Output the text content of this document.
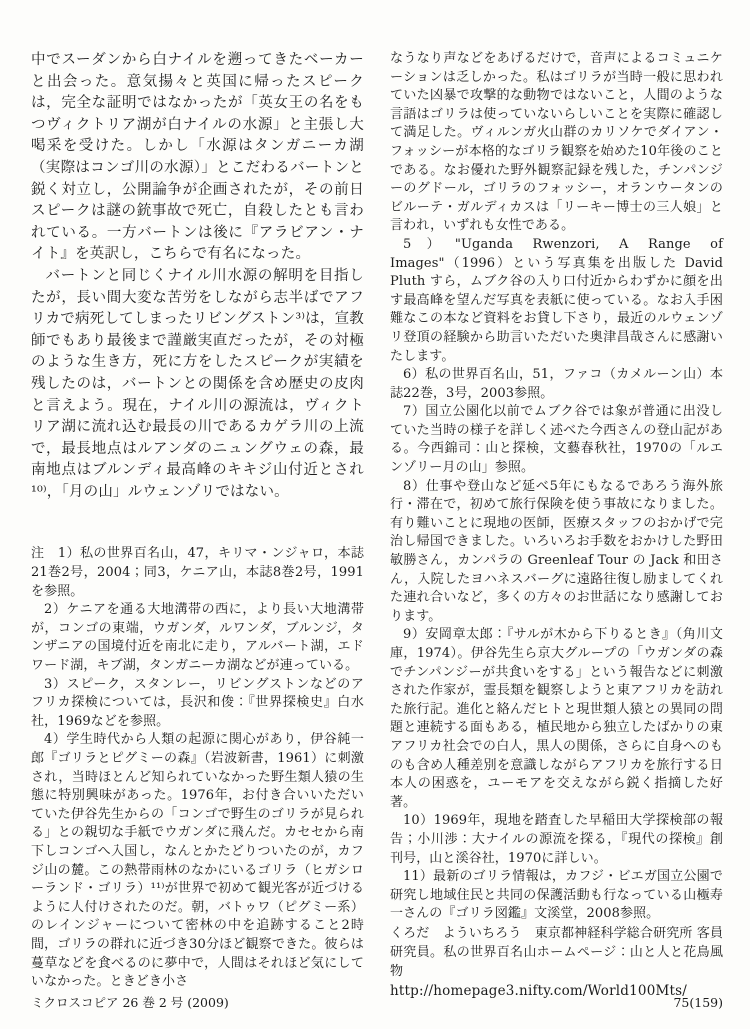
中でスーダンから白ナイルを遡ってきたベーカーと出会った。意気揚々と英国に帰ったスピークは，完全な証明ではなかったが「英女王の名をもつヴィクトリア湖が白ナイルの水源」と主張し大喝采を受けた。しかし「水源はタンガニーカ湖（実際はコンゴ川の水源）」とこだわるバートンと鋭く対立し，公開論争が企画されたが，その前日スピークは謎の銃事故で死亡，自殺したとも言われている。一方バートンは後に『アラビアン・ナイト』を英訳し，こちらで有名になった。

バートンと同じくナイル川水源の解明を目指したが，長い間大変な苦労をしながら志半ばでアフリカで病死してしまったリビングストン³⁾は，宣教師でもあり最後まで謹厳実直だったが，その対極のような生き方，死に方をしたスピークが実績を残したのは，バートンとの関係を含め歴史の皮肉と言えよう。現在，ナイル川の源流は，ヴィクトリア湖に流れ込む最長の川であるカゲラ川の上流で，最長地点はルアンダのニュングウェの森，最南地点はブルンディ最高峰のキキジ山付近とされ¹⁰⁾，「月の山」ルウェンゾリではない。

注　1）私の世界百名山，47，キリマ・ンジャロ，本誌21巻2号，2004；同3，ケニア山，本誌8巻2号，1991を参照。

2）ケニアを通る大地溝帯の西に，より長い大地溝帯が，コンゴの東端，ウガンダ，ルワンダ，ブルンジ，タンザニアの国境付近を南北に走り，アルバート湖，エドワード湖，キブ湖，タンガニーカ湖などが連っている。

3）スピーク，スタンレー，リビングストンなどのアフリカ探検については，長沢和俊：『世界探検史』白水社，1969などを参照。

4）学生時代から人類の起源に関心があり，伊谷純一郎『ゴリラとピグミーの森』（岩波新書，1961）に刺激され，当時ほとんど知られていなかった野生類人猿の生態に特別興味があった。1976年，お付き合いいただいていた伊谷先生からの「コンゴで野生のゴリラが見られる」との親切な手紙でウガンダに飛んだ。カセセから南下しコンゴへ入国し，なんとかたどりついたのが，カフジ山の麓。この熱帯雨林のなかにいるゴリラ（ヒガシローランド・ゴリラ）¹¹⁾が世界で初めて観光客が近づけるように人付けされたのだ。朝，バトゥワ（ピグミー系）のレインジャーについて密林の中を追跡すること2時間，ゴリラの群れに近づき30分ほど観察できた。彼らは蔓草などを食べるのに夢中で，人間はそれほど気にしていなかった。ときどき小さ

なうなり声などをあげるだけで，音声によるコミュニケーションは乏しかった。私はゴリラが当時一般に思われていた凶暴で攻撃的な動物ではないこと，人間のような言語はゴリラは使っていないらしいことを実際に確認して満足した。ヴィルンガ火山群のカリソケでダイアン・フォッシーが本格的なゴリラ観察を始めた10年後のことである。なお優れた野外観察記録を残した，チンパンジーのグドール，ゴリラのフォッシー，オランウータンのビルーテ・ガルディカスは「リーキー博士の三人娘」と言われ，いずれも女性である。

5）"Uganda Rwenzori, A Range of Images"（1996）という写真集を出版した David Pluth すら，ムブク谷の入り口付近からわずかに顔を出す最高峰を望んだ写真を表紙に使っている。なお入手困難なこの本など資料をお貸し下さり，最近のルウェンゾリ登頂の経験から助言いただいた奥津昌哉さんに感謝いたします。

6）私の世界百名山，51，ファコ（カメルーン山）本誌22巻，3号，2003参照。

7）国立公園化以前でムブク谷では象が普通に出没していた当時の様子を詳しく述べた今西さんの登山記がある。今西錦司：山と探検，文藝春秋社，1970の「ルエンゾリー月の山」参照。

8）仕事や登山など延べ5年にもなるであろう海外旅行・滞在で，初めて旅行保険を使う事故になりました。有り難いことに現地の医師，医療スタッフのおかげで完治し帰国できました。いろいろお手数をおかけした野田敏勝さん，カンパラの Greenleaf Tour の Jack 和田さん，入院したヨハネスバーグに遠路往復し励ましてくれた連れ合いなど，多くの方々のお世話になり感謝しております。

9）安岡章太郎：『サルが木から下りるとき』（角川文庫，1974）。伊谷先生ら京大グループの「ウガンダの森でチンパンジーが共食いをする」という報告などに刺激された作家が，霊長類を観察しようと東アフリカを訪れた旅行記。進化と絡んだヒトと現世類人猿との異同の問題と連続する面もある，植民地から独立したばかりの東アフリカ社会での白人，黒人の関係，さらに自身へのものも含め人種差別を意識しながらアフリカを旅行する日本人の困惑を，ユーモアを交えながら鋭く指摘した好著。

10）1969年，現地を踏査した早稲田大学探検部の報告；小川渉：大ナイルの源流を探る，『現代の探検』創刊号，山と溪谷社，1970に詳しい。

11）最新のゴリラ情報は，カフジ・ビエガ国立公園で研究し地域住民と共同の保護活動も行なっている山極寿一さんの『ゴリラ図鑑』文溪堂，2008参照。

くろだ　よういちろう　東京都神経科学総合研究所 客員研究員。私の世界百名山ホームページ：山と人と花鳥風物

http://homepage3.nifty.com/World100Mts/

ミクロスコピア 26 巻 2 号 (2009)	75(159)
